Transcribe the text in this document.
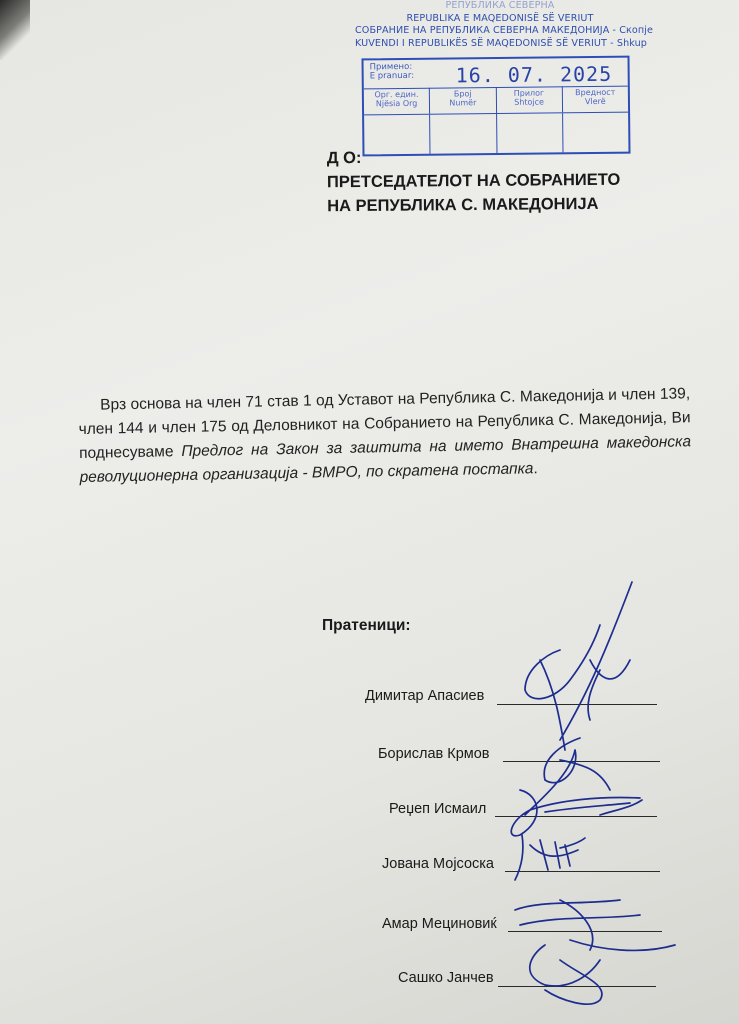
РЕПУБЛИКА СЕВЕРНА
REPUBLIKA E MAQEDONISË SË VERIUT
СОБРАНИЕ НА РЕПУБЛИКА СЕВЕРНА МАКЕДОНИЈА - Скопје
KUVENDI I REPUBLIKËS SË MAQEDONISË SË VERIUT - Shkup
Примено:
E pranuar: 16. 07. 2025
Орг. един.
Njësia Org
Број
Numër
Прилог
Shtojce
Вредност
Vlerë
Д О:
ПРЕТСЕДАТЕЛОТ НА СОБРАНИЕТО
НА РЕПУБЛИКА С. МАКЕДОНИЈА
Врз основа на член 71 став 1 од Уставот на Република С. Македонија и член 139, член 144 и член 175 од Деловникот на Собранието на Република С. Македонија, Ви поднесуваме Предлог на Закон за заштита на името Внатрешна македонска револуционерна организација - ВМРО, по скратена постапка.
Пратеници:
Димитар Апасиев
Борислав Крмов
Реџеп Исмаил
Јована Мојсоска
Амар Мециновиќ
Сашко Јанчев
